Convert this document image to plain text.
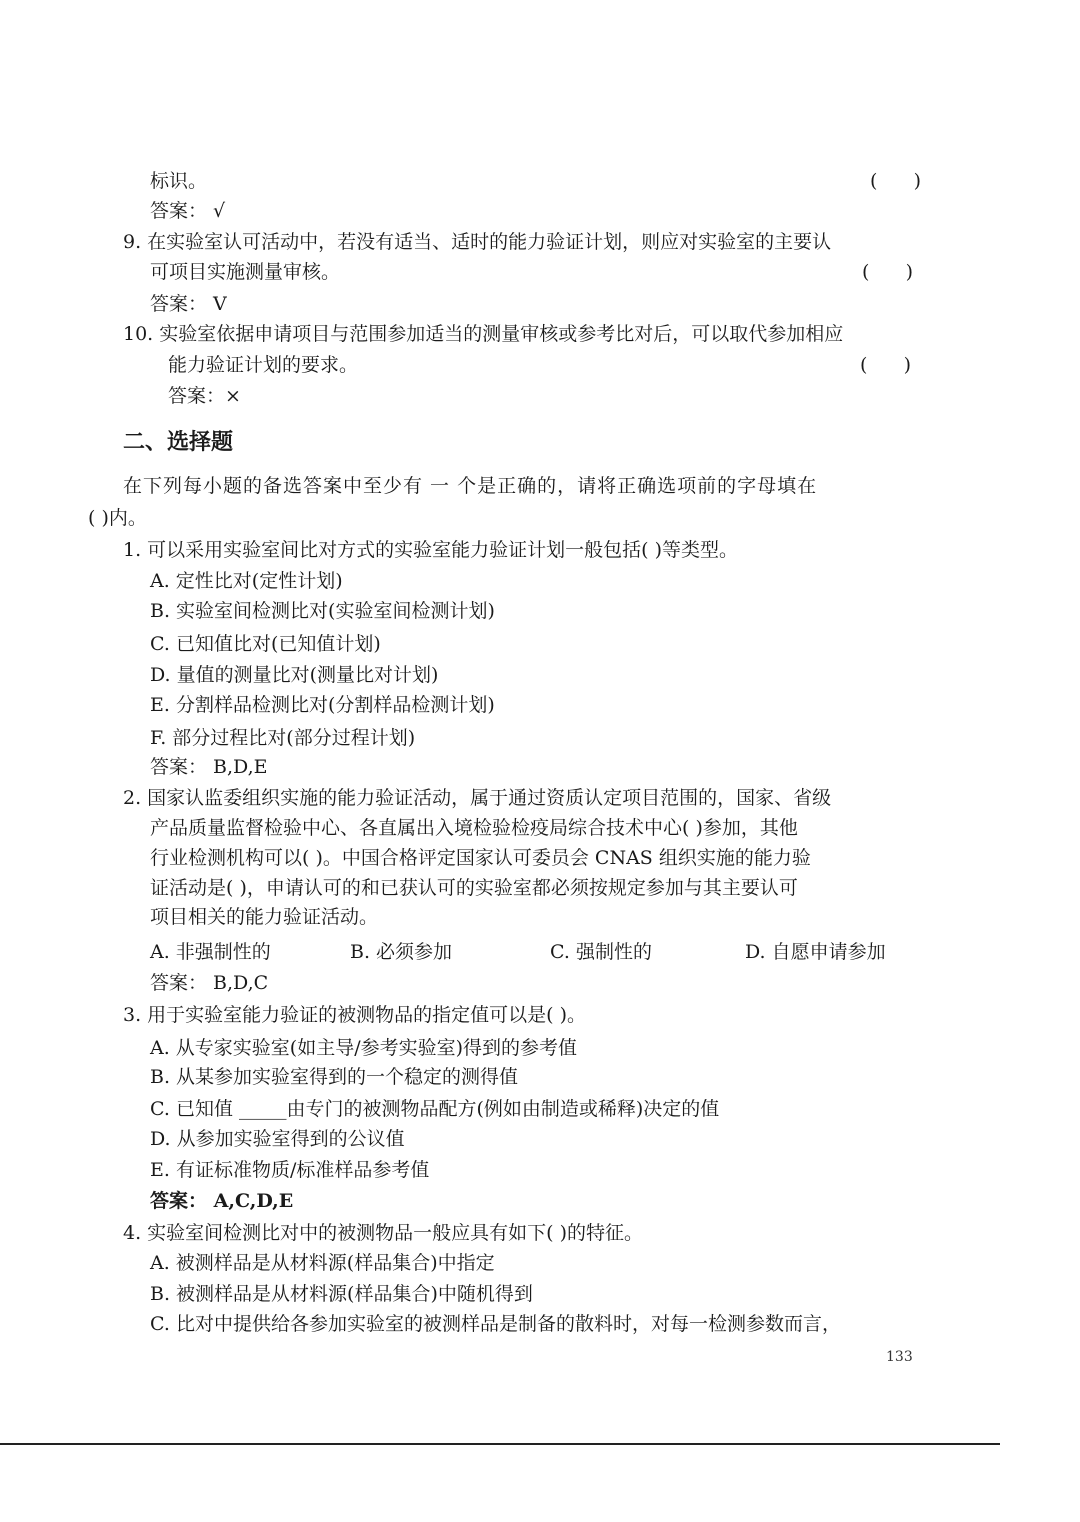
标识。	(      )
答案： √
9. 在实验室认可活动中，若没有适当、适时的能力验证计划，则应对实验室的主要认
可项目实施测量审核。	(      )
答案： V
10. 实验室依据申请项目与范围参加适当的测量审核或参考比对后，可以取代参加相应
能力验证计划的要求。	(      )
答案：×
二、选择题
在下列每小题的备选答案中至少有 一 个是正确的，请将正确选项前的字母填在
( )内。
1. 可以采用实验室间比对方式的实验室能力验证计划一般包括( )等类型。
A. 定性比对(定性计划)
B. 实验室间检测比对(实验室间检测计划)
C. 已知值比对(已知值计划)
D. 量值的测量比对(测量比对计划)
E. 分割样品检测比对(分割样品检测计划)
F. 部分过程比对(部分过程计划)
答案： B,D,E
2. 国家认监委组织实施的能力验证活动，属于通过资质认定项目范围的，国家、省级
产品质量监督检验中心、各直属出入境检验检疫局综合技术中心( )参加，其他
行业检测机构可以( )。中国合格评定国家认可委员会 CNAS 组织实施的能力验
证活动是( )，申请认可的和已获认可的实验室都必须按规定参加与其主要认可
项目相关的能力验证活动。
A. 非强制性的	B. 必须参加	C. 强制性的	D. 自愿申请参加
答案： B,D,C
3. 用于实验室能力验证的被测物品的指定值可以是( )。
A. 从专家实验室(如主导/参考实验室)得到的参考值
B. 从某参加实验室得到的一个稳定的测得值
C. 已知值 _____由专门的被测物品配方(例如由制造或稀释)决定的值
D. 从参加实验室得到的公议值
E. 有证标准物质/标准样品参考值
答案： A,C,D,E
4. 实验室间检测比对中的被测物品一般应具有如下( )的特征。
A. 被测样品是从材料源(样品集合)中指定
B. 被测样品是从材料源(样品集合)中随机得到
C. 比对中提供给各参加实验室的被测样品是制备的散料时，对每一检测参数而言，
133
